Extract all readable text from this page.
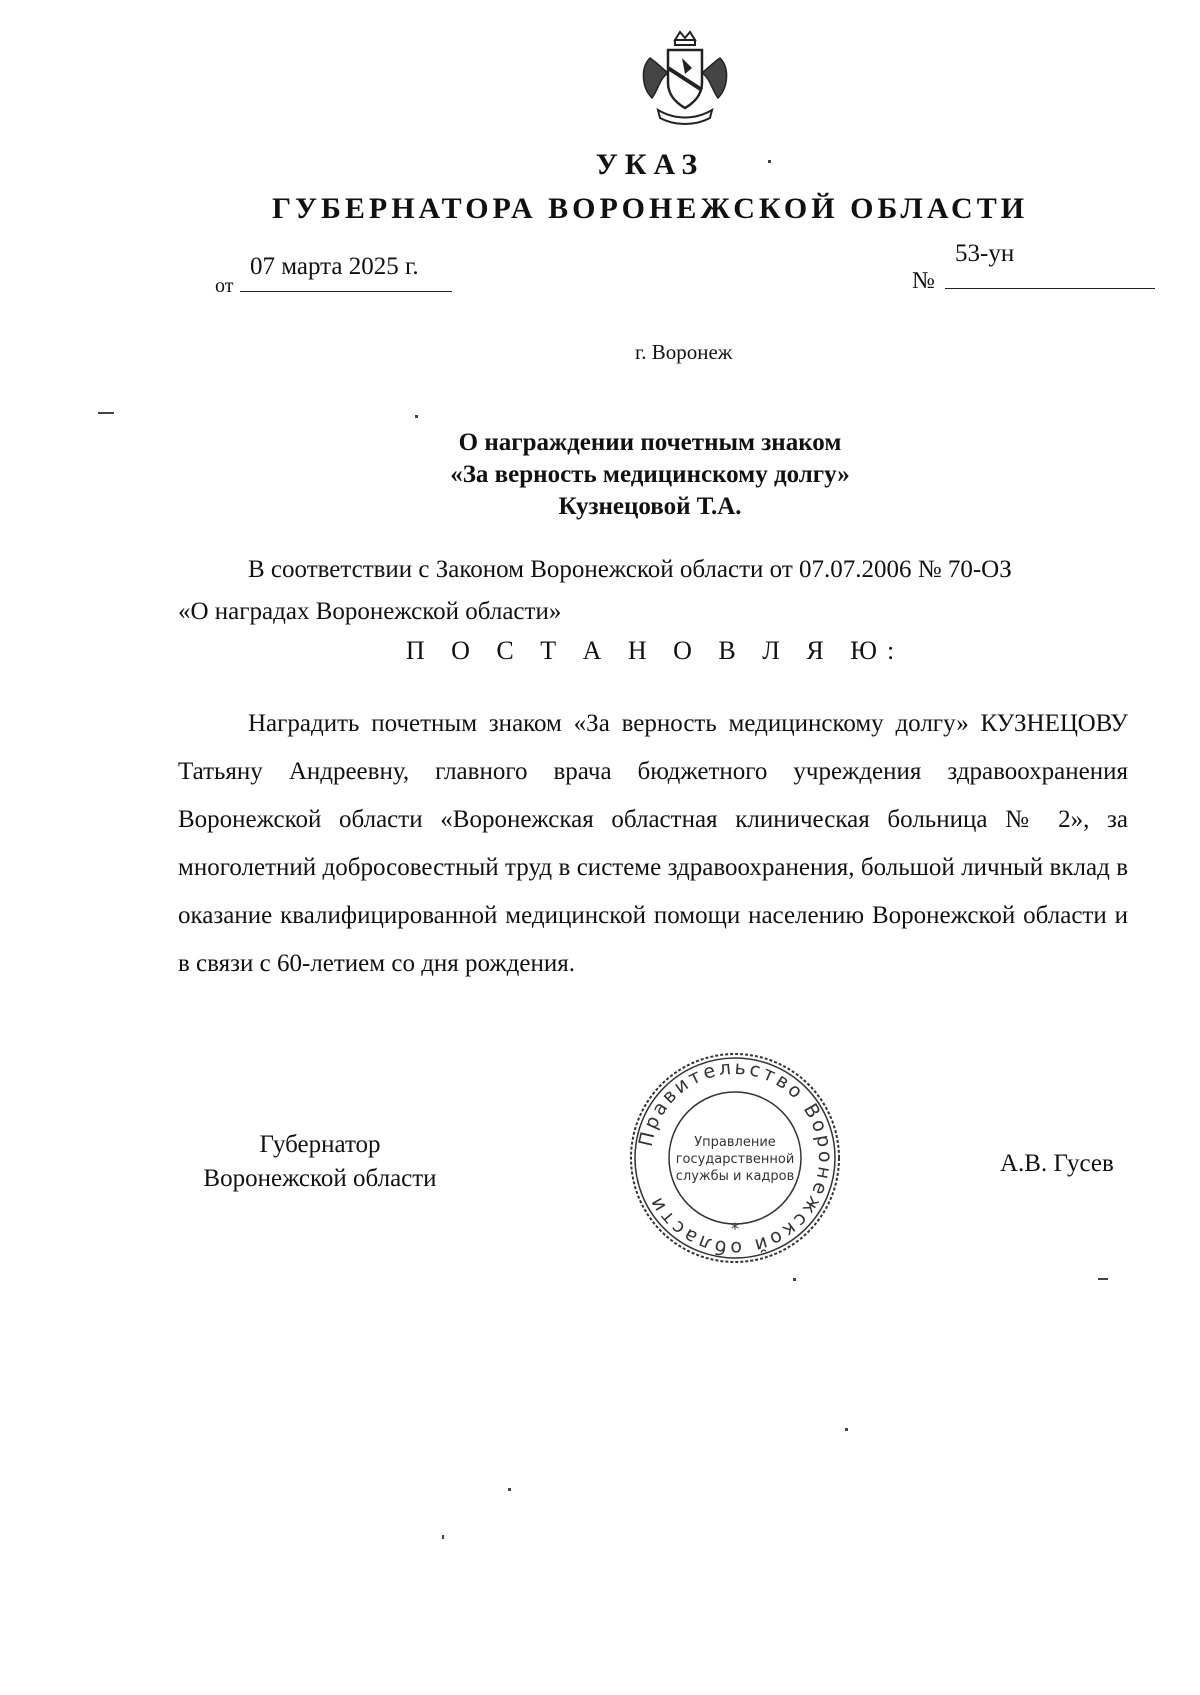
УКАЗ
ГУБЕРНАТОРА ВОРОНЕЖСКОЙ ОБЛАСТИ
от
07 марта 2025 г.
№
53-ун
г. Воронеж
О награждении почетным знаком
«За верность медицинскому долгу»
Кузнецовой Т.А.
В соответствии с Законом Воронежской области от 07.07.2006 № 70-ОЗ
«О наградах Воронежской области»
П О С Т А Н О В Л Я Ю:
Наградить почетным знаком «За верность медицинскому долгу» КУЗНЕЦОВУ Татьяну Андреевну, главного врача бюджетного учреждения здравоохранения Воронежской области «Воронежская областная клиническая больница № 2», за многолетний добросовестный труд в системе здравоохранения, большой личный вклад в оказание квалифицированной медицинской помощи населению Воронежской области и в связи с 60-летием со дня рождения.
Губернатор
Воронежской области
А.В. Гусев
Правительство Воронежской области
*
Управление
государственной
службы и кадров
